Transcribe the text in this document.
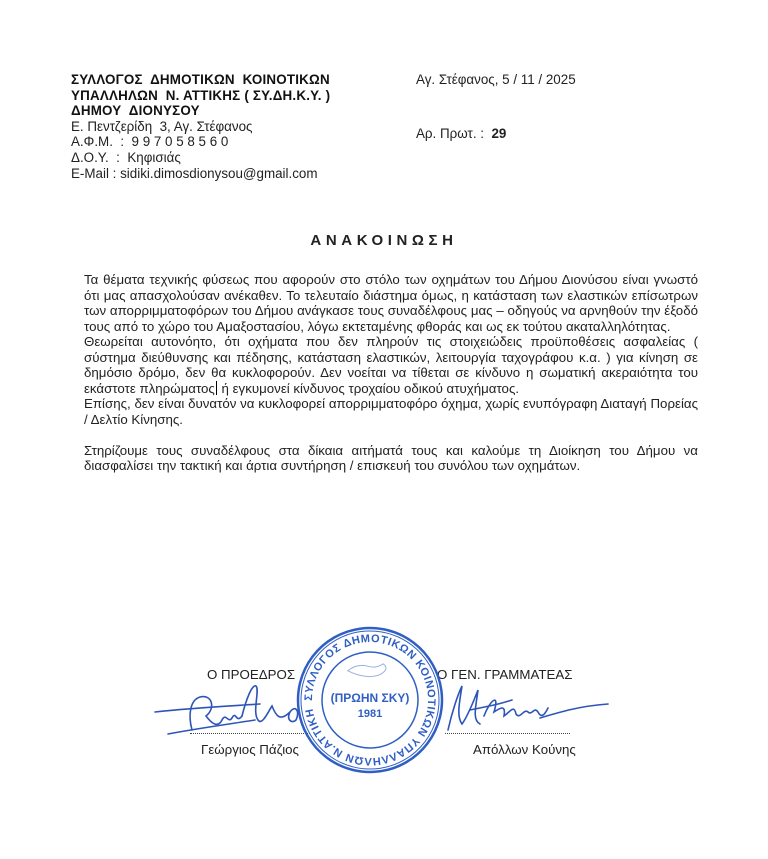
ΣΥΛΛΟΓΟΣ  ΔΗΜΟΤΙΚΩΝ  ΚΟΙΝΟΤΙΚΩΝ
ΥΠΑΛΛΗΛΩΝ  Ν. ΑΤΤΙΚΗΣ ( ΣΥ.ΔΗ.Κ.Υ. )
ΔΗΜΟΥ  ΔΙΟΝΥΣΟΥ
Ε. Πεντζερίδη  3, Αγ. Στέφανος
Α.Φ.Μ.  :  9 9 7 0 5 8 5 6 0
Δ.Ο.Υ.  :  Κηφισιάς
E-Mail : sidiki.dimosdionysou@gmail.com
Αγ. Στέφανος, 5 / 11 / 2025
Αρ. Πρωτ. :  29
ΑΝΑΚΟΙΝΩΣΗ

Τα θέματα τεχνικής φύσεως που αφορούν στο στόλο των οχημάτων του Δήμου Διονύσου είναι γνωστό ότι μας απασχολούσαν ανέκαθεν. Το τελευταίο διάστημα όμως, η κατάσταση των ελαστικών επίσωτρων των απορριμματοφόρων του Δήμου ανάγκασε τους συναδέλφους μας – οδηγούς να αρνηθούν την έξοδό τους από το χώρο του Αμαξοστασίου, λόγω εκτεταμένης φθοράς και ως εκ τούτου ακαταλληλότητας.

Θεωρείται αυτονόητο, ότι οχήματα που δεν πληρούν τις στοιχειώδεις προϋποθέσεις ασφαλείας ( σύστημα διεύθυνσης και πέδησης, κατάσταση ελαστικών, λειτουργία ταχογράφου κ.α. ) για κίνηση σε δημόσιο δρόμο, δεν θα κυκλοφορούν. Δεν νοείται να τίθεται σε κίνδυνο η σωματική ακεραιότητα του εκάστοτε πληρώματος ή εγκυμονεί κίνδυνος τροχαίου οδικού ατυχήματος.

Επίσης, δεν είναι δυνατόν να κυκλοφορεί απορριμματοφόρο όχημα, χωρίς ενυπόγραφη Διαταγή Πορείας / Δελτίο Κίνησης.

Στηρίζουμε τους συναδέλφους στα δίκαια αιτήματά τους και καλούμε τη Διοίκηση του Δήμου να διασφαλίσει την τακτική και άρτια συντήρηση / επισκευή του συνόλου των οχημάτων.

Ο ΠΡΟΕΔΡΟΣ	Ο ΓΕΝ. ΓΡΑΜΜΑΤΕΑΣ
Γεώργιος Πάζιος	Απόλλων Κούνης
ΣΥΛΛΟΓΟΣ ΔΗΜΟΤΙΚΩΝ ΚΟΙΝΟΤΙΚΩΝ ΥΠΑΛΛΗΛΩΝ Ν.ΑΤΤΙΚΗΣ
(ΠΡΩΗΝ ΣΚΥ)
1981
